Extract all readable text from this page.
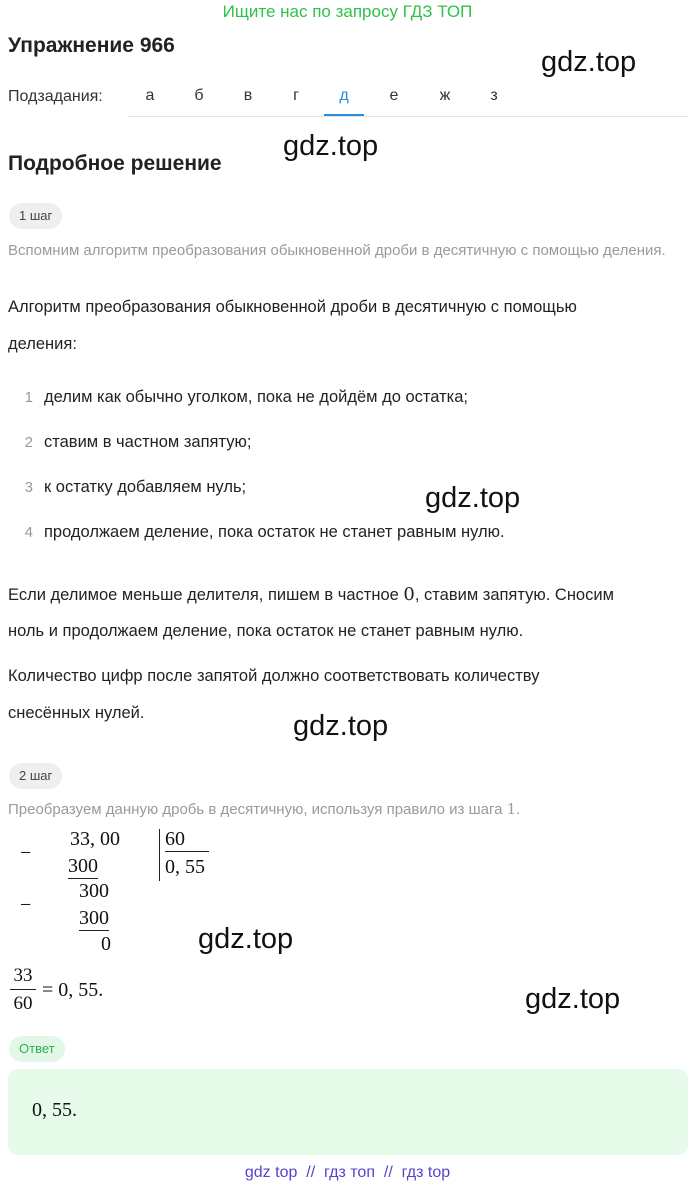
Ищите нас по запросу ГДЗ ТОП
Упражнение 966
gdz.top
gdz.top
gdz.top
gdz.top
gdz.top
gdz.top
Подзадания:	а	б	в	г	д	е	ж	з
Подробное решение
1 шаг
Вспомним алгоритм преобразования обыкновенной дроби в десятичную с помощью деления.
Алгоритм преобразования обыкновенной дроби в десятичную с помощью
деления:
1 делим как обычно уголком, пока не дойдём до остатка;
2 ставим в частном запятую;
3 к остатку добавляем нуль;
4 продолжаем деление, пока остаток не станет равным нулю.
Если делимое меньше делителя, пишем в частное 0, ставим запятую. Сносим
ноль и продолжаем деление, пока остаток не станет равным нулю.
Количество цифр после запятой должно соответствовать количеству
снесённых нулей.
2 шаг
Преобразуем данную дробь в десятичную, используя правило из шага 1.
−
33, 00
300
300
−
300
0
60
0, 55
33
60
= 0, 55.
Ответ
0, 55.
gdz top  //  гдз топ  //  гдз top
